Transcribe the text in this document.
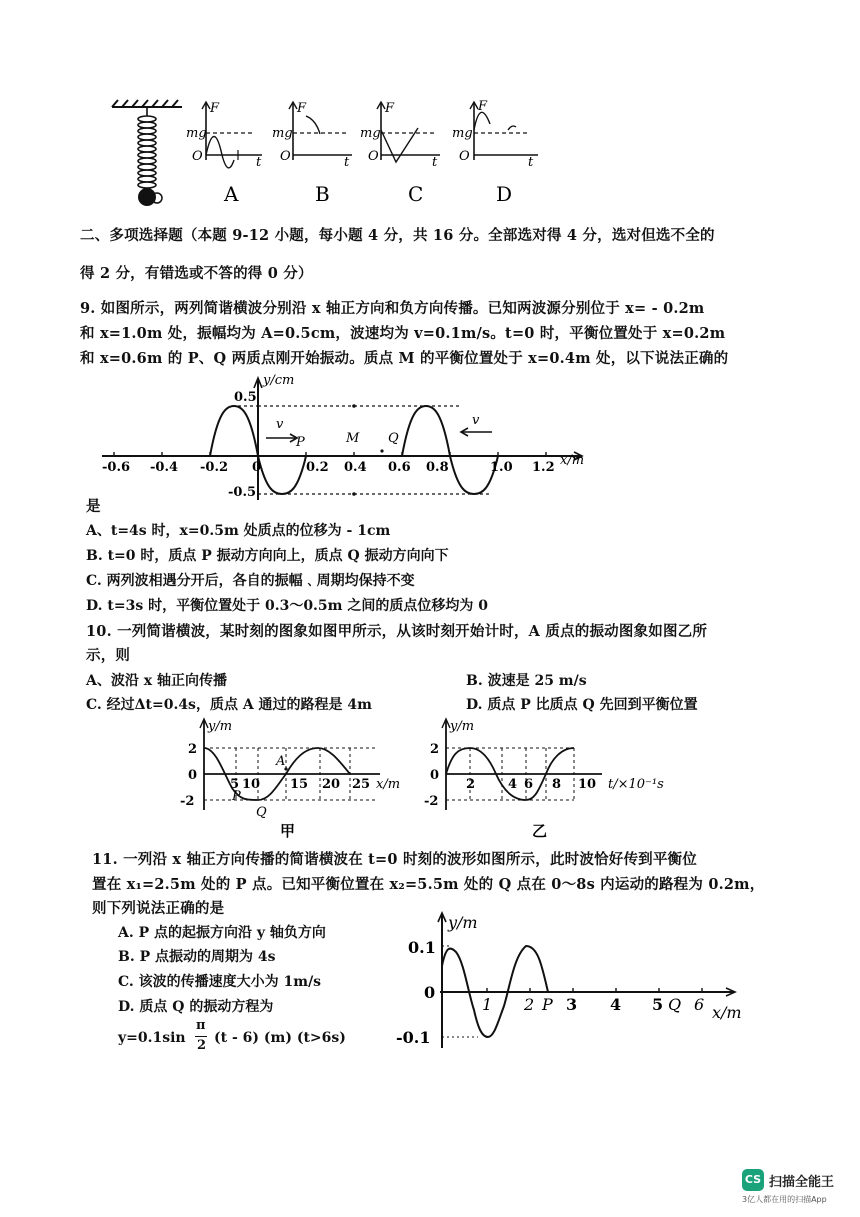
F
mg
O	t
A
F
mg
O	t
B
F
mg
O	t
C
F
mg
O	t
D
二、多项选择题（本题 9-12 小题，每小题 4 分，共 16 分。全部选对得 4 分，选对但选不全的
得 2 分，有错选或不答的得 0 分）
9. 如图所示，两列简谐横波分别沿 x 轴正方向和负方向传播。已知两波源分别位于 x= - 0.2m
和 x=1.0m 处，振幅均为 A=0.5cm，波速均为 v=0.1m/s。t=0 时，平衡位置处于 x=0.2m
和 x=0.6m 的 P、Q 两质点刚开始振动。质点 M 的平衡位置处于 x=0.4m 处，以下说法正确的
y/cm
0.5
-0.5
0	x/m
-0.6 -0.4 -0.2	0.2 0.4 0.6 0.8	1.0 1.2
v	v
P	M Q
是
A、t=4s 时，x=0.5m 处质点的位移为 - 1cm
B. t=0 时，质点 P 振动方向向上，质点 Q 振动方向向下
C. 两列波相遇分开后，各自的振幅﹑周期均保持不变
D. t=3s 时，平衡位置处于 0.3～0.5m 之间的质点位移均为 0
10. 一列简谐横波，某时刻的图象如图甲所示，从该时刻开始计时，A 质点的振动图象如图乙所
示，则
A、波沿 x 轴正向传播	B. 波速是 25 m/s
C. 经过Δt=0.4s，质点 A 通过的路程是 4m	D. 质点 P 比质点 Q 先回到平衡位置
y/m
2
0
-2
5 10 15 20 25 x/m
A
P
Q
甲
y/m
2
0
-2
2	4 6 8 10 t/×10⁻¹s
乙
11. 一列沿 x 轴正方向传播的简谐横波在 t=0 时刻的波形如图所示，此时波恰好传到平衡位
置在 x₁=2.5m 处的 P 点。已知平衡位置在 x₂=5.5m 处的 Q 点在 0～8s 内运动的路程为 0.2m，
则下列说法正确的是
A. P 点的起振方向沿 y 轴负方向
B. P 点振动的周期为 4s
C. 该波的传播速度大小为 1m/s
D. 质点 Q 的振动方程为
y=0.1sin
π
2 (t - 6) (m) (t>6s)
y/m
0.1
0
-0.1
1 2 P 3 4 5 Q 6 x/m
CS 扫描全能王
3亿人都在用的扫描App
